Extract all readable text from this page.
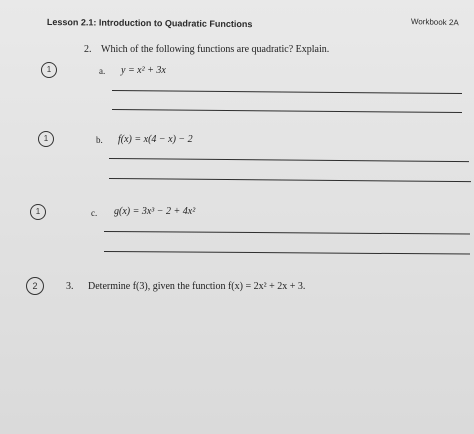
Lesson 2.1: Introduction to Quadratic Functions	Workbook 2A
2. Which of the following functions are quadratic? Explain.
1	a. y = x² + 3x
1	b. f(x) = x(4 − x) − 2
1	c. g(x) = 3x³ − 2 + 4x²
2	3. Determine f(3), given the function f(x) = 2x² + 2x + 3.
